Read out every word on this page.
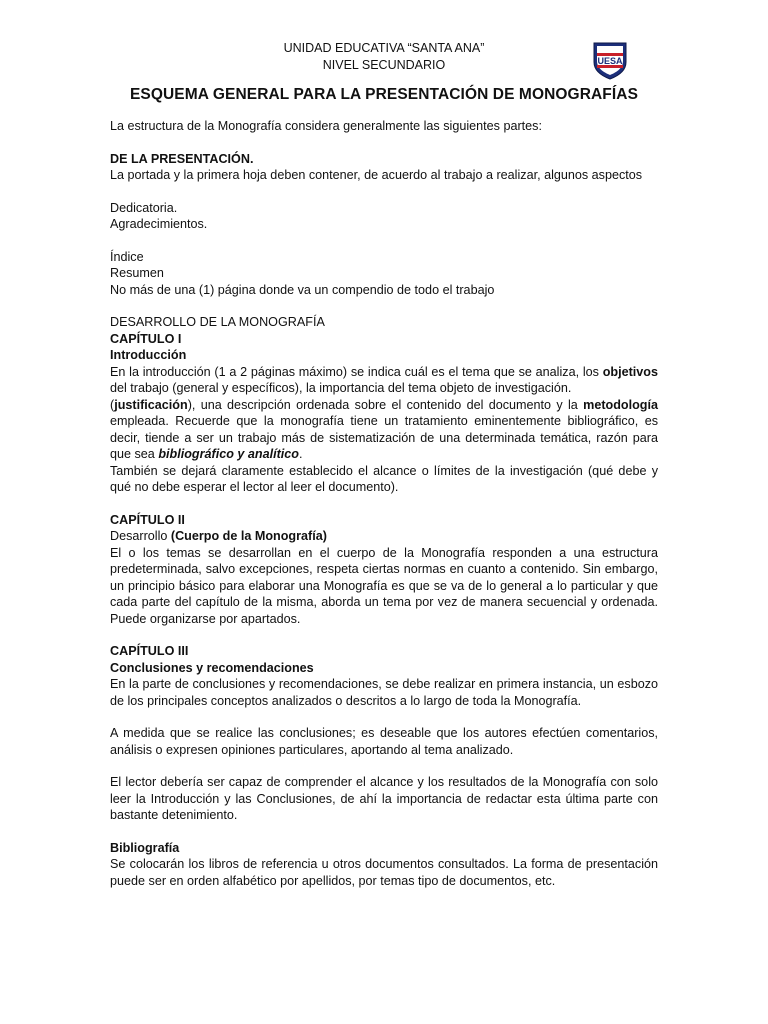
UESA
UNIDAD EDUCATIVA “SANTA ANA”
NIVEL SECUNDARIO
ESQUEMA GENERAL PARA LA PRESENTACIÓN DE MONOGRAFÍAS

La estructura de la Monografía considera generalmente las siguientes partes:

DE LA PRESENTACIÓN.

La portada y la primera hoja deben contener, de acuerdo al trabajo a realizar, algunos aspectos

Dedicatoria.

Agradecimientos.

Índice

Resumen

No más de una (1) página donde va un compendio de todo el trabajo

DESARROLLO DE LA MONOGRAFÍA

CAPÍTULO I

Introducción

En la introducción (1 a 2 páginas máximo) se indica cuál es el tema que se analiza, los objetivos del trabajo (general y específicos), la importancia del tema objeto de investigación.

(justificación), una descripción ordenada sobre el contenido del documento y la metodología empleada. Recuerde que la monografía tiene un tratamiento eminentemente bibliográfico, es decir, tiende a ser un trabajo más de sistematización de una determinada temática, razón para que sea bibliográfico y analítico.

También se dejará claramente establecido el alcance o límites de la investigación (qué debe y qué no debe esperar el lector al leer el documento).

CAPÍTULO II

Desarrollo (Cuerpo de la Monografía)

El o los temas se desarrollan en el cuerpo de la Monografía responden a una estructura predeterminada, salvo excepciones, respeta ciertas normas en cuanto a contenido. Sin embargo, un principio básico para elaborar una Monografía es que se va de lo general a lo particular y que cada parte del capítulo de la misma, aborda un tema por vez de manera secuencial y ordenada. Puede organizarse por apartados.

CAPÍTULO III

Conclusiones y recomendaciones

En la parte de conclusiones y recomendaciones, se debe realizar en primera instancia, un esbozo de los principales conceptos analizados o descritos a lo largo de toda la Monografía.

A medida que se realice las conclusiones; es deseable que los autores efectúen comentarios, análisis o expresen opiniones particulares, aportando al tema analizado.

El lector debería ser capaz de comprender el alcance y los resultados de la Monografía con solo leer la Introducción y las Conclusiones, de ahí la importancia de redactar esta última parte con bastante detenimiento.

Bibliografía

Se colocarán los libros de referencia u otros documentos consultados. La forma de presentación puede ser en orden alfabético por apellidos, por temas tipo de documentos, etc.
